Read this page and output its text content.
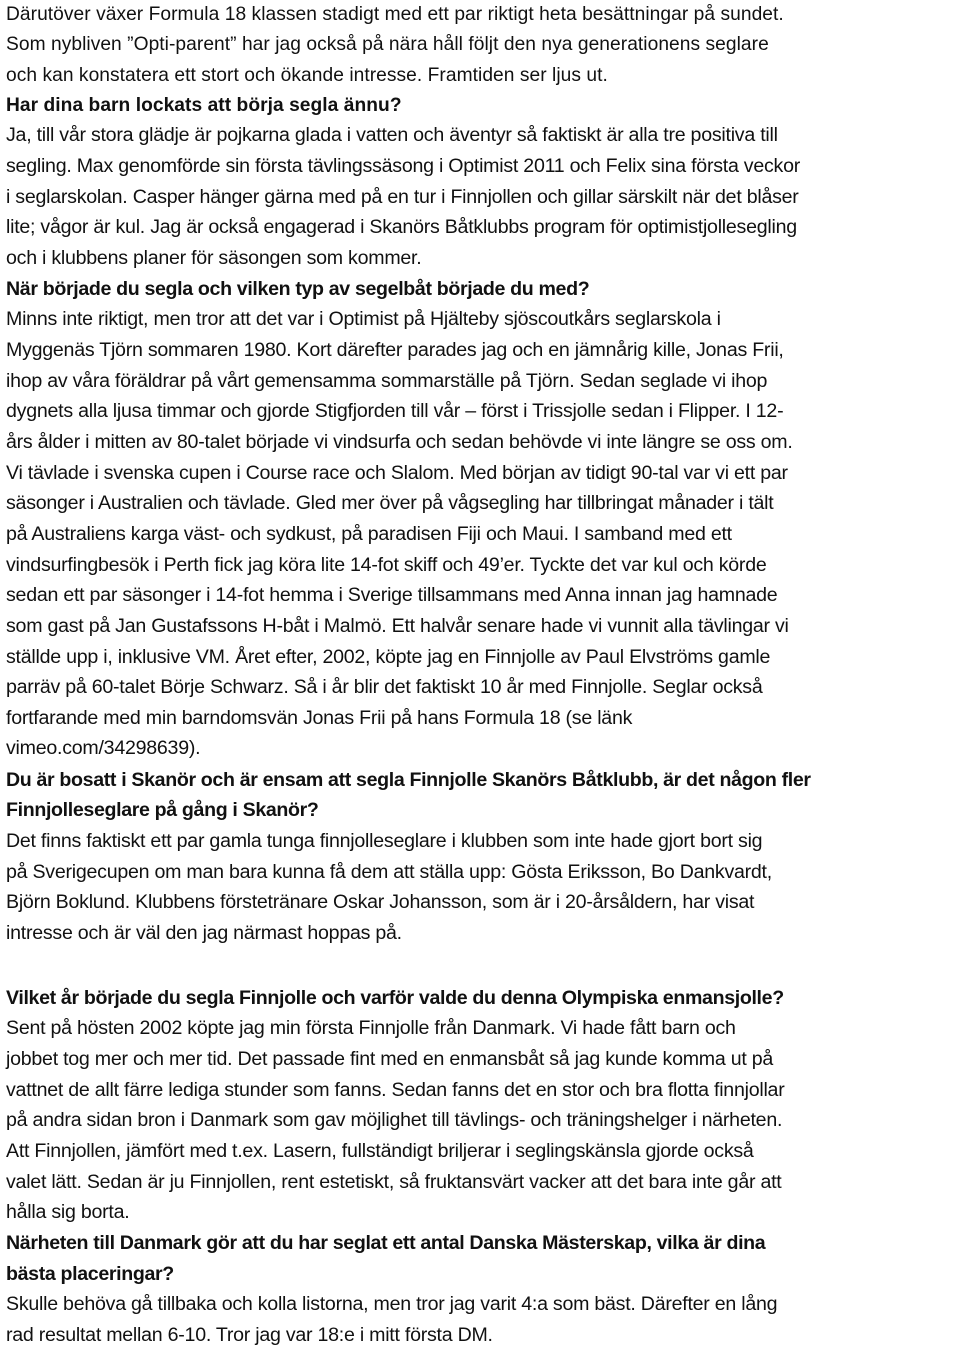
Därutöver växer Formula 18 klassen stadigt med ett par riktigt heta besättningar på sundet.
Som nybliven ”Opti-parent” har jag också på nära håll följt den nya generationens seglare
och kan konstatera ett stort och ökande intresse. Framtiden ser ljus ut.
Har dina barn lockats att börja segla ännu?
Ja, till vår stora glädje är pojkarna glada i vatten och äventyr så faktiskt är alla tre positiva till
segling. Max genomförde sin första tävlingssäsong i Optimist 2011 och Felix sina första veckor
i seglarskolan. Casper hänger gärna med på en tur i Finnjollen och gillar särskilt när det blåser
lite; vågor är kul. Jag är också engagerad i Skanörs Båtklubbs program för optimistjollesegling
och i klubbens planer för säsongen som kommer.
När började du segla och vilken typ av segelbåt började du med?
Minns inte riktigt, men tror att det var i Optimist på Hjälteby sjöscoutkårs seglarskola i
Myggenäs Tjörn sommaren 1980. Kort därefter parades jag och en jämnårig kille, Jonas Frii,
ihop av våra föräldrar på vårt gemensamma sommarställe på Tjörn. Sedan seglade vi ihop
dygnets alla ljusa timmar och gjorde Stigfjorden till vår – först i Trissjolle sedan i Flipper. I 12-
års ålder i mitten av 80-talet började vi vindsurfa och sedan behövde vi inte längre se oss om.
Vi tävlade i svenska cupen i Course race och Slalom. Med början av tidigt 90-tal var vi ett par
säsonger i Australien och tävlade. Gled mer över på vågsegling har tillbringat månader i tält
på Australiens karga väst- och sydkust, på paradisen Fiji och Maui. I samband med ett
vindsurfingbesök i Perth fick jag köra lite 14-fot skiff och 49’er. Tyckte det var kul och körde
sedan ett par säsonger i 14-fot hemma i Sverige tillsammans med Anna innan jag hamnade
som gast på Jan Gustafssons H-båt i Malmö. Ett halvår senare hade vi vunnit alla tävlingar vi
ställde upp i, inklusive VM. Året efter, 2002, köpte jag en Finnjolle av Paul Elvströms gamle
parräv på 60-talet Börje Schwarz. Så i år blir det faktiskt 10 år med Finnjolle. Seglar också
fortfarande med min barndomsvän Jonas Frii på hans Formula 18 (se länk
vimeo.com/34298639).
Du är bosatt i Skanör och är ensam att segla Finnjolle Skanörs Båtklubb, är det någon fler
Finnjolleseglare på gång i Skanör?
Det finns faktiskt ett par gamla tunga finnjolleseglare i klubben som inte hade gjort bort sig
på Sverigecupen om man bara kunna få dem att ställa upp: Gösta Eriksson, Bo Dankvardt,
Björn Boklund. Klubbens förstetränare Oskar Johansson, som är i 20-årsåldern, har visat
intresse och är väl den jag närmast hoppas på.
Vilket år började du segla Finnjolle och varför valde du denna Olympiska enmansjolle?
Sent på hösten 2002 köpte jag min första Finnjolle från Danmark. Vi hade fått barn och
jobbet tog mer och mer tid. Det passade fint med en enmansbåt så jag kunde komma ut på
vattnet de allt färre lediga stunder som fanns. Sedan fanns det en stor och bra flotta finnjollar
på andra sidan bron i Danmark som gav möjlighet till tävlings- och träningshelger i närheten.
Att Finnjollen, jämfört med t.ex. Lasern, fullständigt briljerar i seglingskänsla gjorde också
valet lätt. Sedan är ju Finnjollen, rent estetiskt, så fruktansvärt vacker att det bara inte går att
hålla sig borta.
Närheten till Danmark gör att du har seglat ett antal Danska Mästerskap, vilka är dina
bästa placeringar?
Skulle behöva gå tillbaka och kolla listorna, men tror jag varit 4:a som bäst. Därefter en lång
rad resultat mellan 6-10. Tror jag var 18:e i mitt första DM.
